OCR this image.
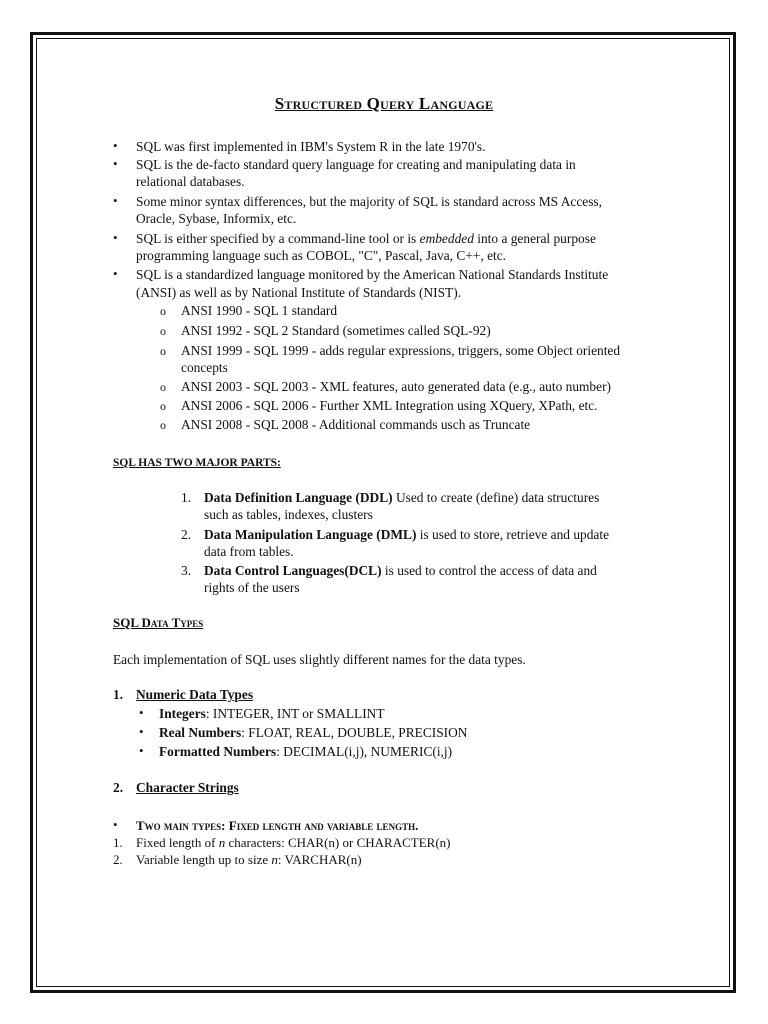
Structured Query Language
• SQL was first implemented in IBM's System R in the late 1970's.
• SQL is the de-facto standard query language for creating and manipulating data in
relational databases.
• Some minor syntax differences, but the majority of SQL is standard across MS Access,
Oracle, Sybase, Informix, etc.
• SQL is either specified by a command-line tool or is embedded into a general purpose
programming language such as COBOL, "C", Pascal, Java, C++, etc.
• SQL is a standardized language monitored by the American National Standards Institute
(ANSI) as well as by National Institute of Standards (NIST).
o ANSI 1990 - SQL 1 standard
o ANSI 1992 - SQL 2 Standard (sometimes called SQL-92)
o ANSI 1999 - SQL 1999 - adds regular expressions, triggers, some Object oriented
concepts
o ANSI 2003 - SQL 2003 - XML features, auto generated data (e.g., auto number)
o ANSI 2006 - SQL 2006 - Further XML Integration using XQuery, XPath, etc.
o ANSI 2008 - SQL 2008 - Additional commands usch as Truncate
SQL HAS TWO MAJOR PARTS:
1. Data Definition Language (DDL) Used to create (define) data structures
such as tables, indexes, clusters
2. Data Manipulation Language (DML) is used to store, retrieve and update
data from tables.
3. Data Control Languages(DCL) is used to control the access of data and
rights of the users
SQL Data Types
Each implementation of SQL uses slightly different names for the data types.
1. Numeric Data Types
• Integers: INTEGER, INT or SMALLINT
• Real Numbers: FLOAT, REAL, DOUBLE, PRECISION
• Formatted Numbers: DECIMAL(i,j), NUMERIC(i,j)
2. Character Strings
• Two main types: Fixed length and variable length.
1. Fixed length of n characters: CHAR(n) or CHARACTER(n)
2. Variable length up to size n: VARCHAR(n)
